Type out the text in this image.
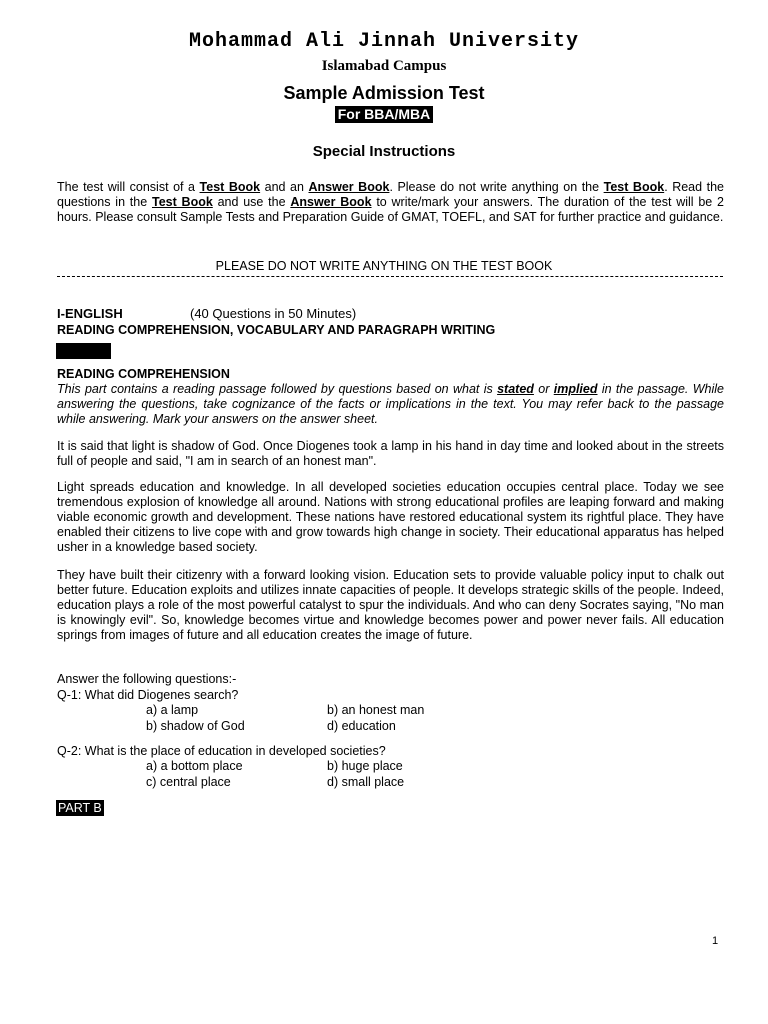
Mohammad Ali Jinnah University
Islamabad Campus
Sample Admission Test
For BBA/MBA
Special Instructions

The test will consist of a Test Book and an Answer Book. Please do not write anything on the Test Book. Read the questions in the Test Book and use the Answer Book to write/mark your answers. The duration of the test will be 2 hours. Please consult Sample Tests and Preparation Guide of GMAT, TOEFL, and SAT for further practice and guidance.

PLEASE DO NOT WRITE ANYTHING ON THE TEST BOOK
I-ENGLISH	(40 Questions in 50 Minutes)
READING COMPREHENSION, VOCABULARY AND PARAGRAPH WRITING
READING COMPREHENSION

This part contains a reading passage followed by questions based on what is stated or implied in the passage. While answering the questions, take cognizance of the facts or implications in the text. You may refer back to the passage while answering. Mark your answers on the answer sheet.

It is said that light is shadow of God. Once Diogenes took a lamp in his hand in day time and looked about in the streets full of people and said, "I am in search of an honest man".

Light spreads education and knowledge. In all developed societies education occupies central place. Today we see tremendous explosion of knowledge all around. Nations with strong educational profiles are leaping forward and making viable economic growth and development. These nations have restored educational system its rightful place. They have enabled their citizens to live cope with and grow towards high change in society. Their educational apparatus has helped usher in a knowledge based society.

They have built their citizenry with a forward looking vision. Education sets to provide valuable policy input to chalk out better future. Education exploits and utilizes innate capacities of people. It develops strategic skills of the people. Indeed, education plays a role of the most powerful catalyst to spur the individuals. And who can deny Socrates saying, "No man is knowingly evil". So, knowledge becomes virtue and knowledge becomes power and power never fails. All education springs from images of future and all education creates the image of future.

Answer the following questions:-
Q-1: What did Diogenes search?
a) a lamp	b) an honest man
b) shadow of God	d) education
Q-2: What is the place of education in developed societies?
a) a bottom place	b) huge place
c) central place	d) small place
PART B
1
